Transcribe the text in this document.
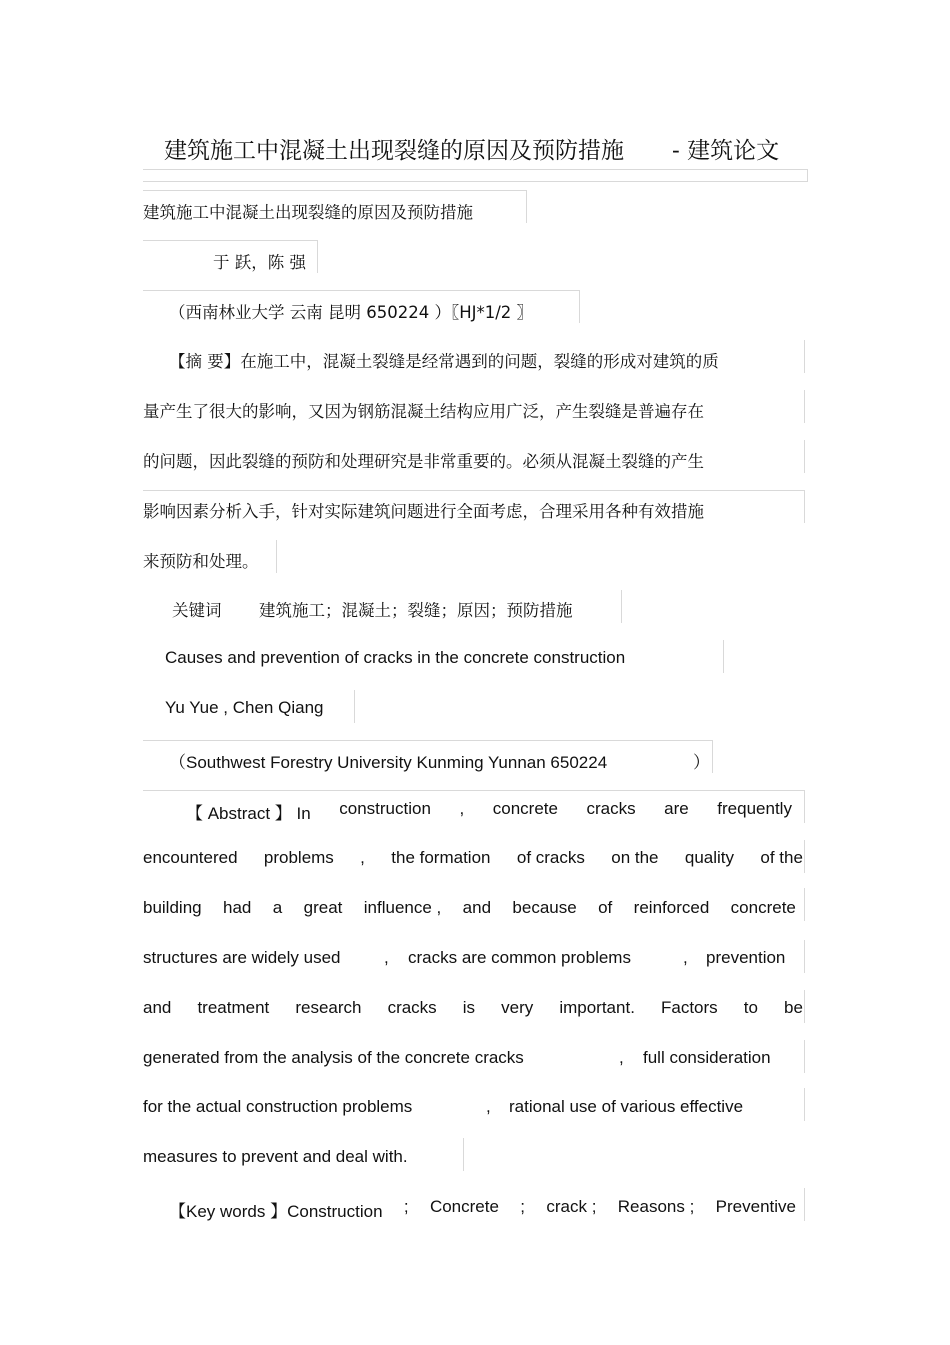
建筑施工中混凝土出现裂缝的原因及预防措施 - 建筑论文
建筑施工中混凝土出现裂缝的原因及预防措施
于 跃，陈 强
（西南林业大学 云南 昆明 650224 ）〖HJ*1/2 〗
【摘 要】在施工中，混凝土裂缝是经常遇到的问题，裂缝的形成对建筑的质
量产生了很大的影响，又因为钢筋混凝土结构应用广泛，产生裂缝是普遍存在
的问题，因此裂缝的预防和处理研究是非常重要的。必须从混凝土裂缝的产生
影响因素分析入手，针对实际建筑问题进行全面考虑，合理采用各种有效措施
来预防和处理。
关键词 建筑施工；混凝土；裂缝；原因；预防措施
Causes and prevention of cracks in the concrete construction
Yu Yue , Chen Qiang
（Southwest Forestry University Kunming Yunnan 650224	）
【 Abstract 】 In construction , concrete cracks are frequently
encountered problems , the formation of cracks on the quality of the
building had a great influence , and because of reinforced concrete
structures are widely used	, cracks are common problems	, prevention
and treatment research cracks is very important. Factors to be
generated from the analysis of the concrete cracks	, full consideration
for the actual construction problems	, rational use of various effective
measures to prevent and deal with.
【Key words 】Construction ; Concrete ; crack ; Reasons ; Preventive
